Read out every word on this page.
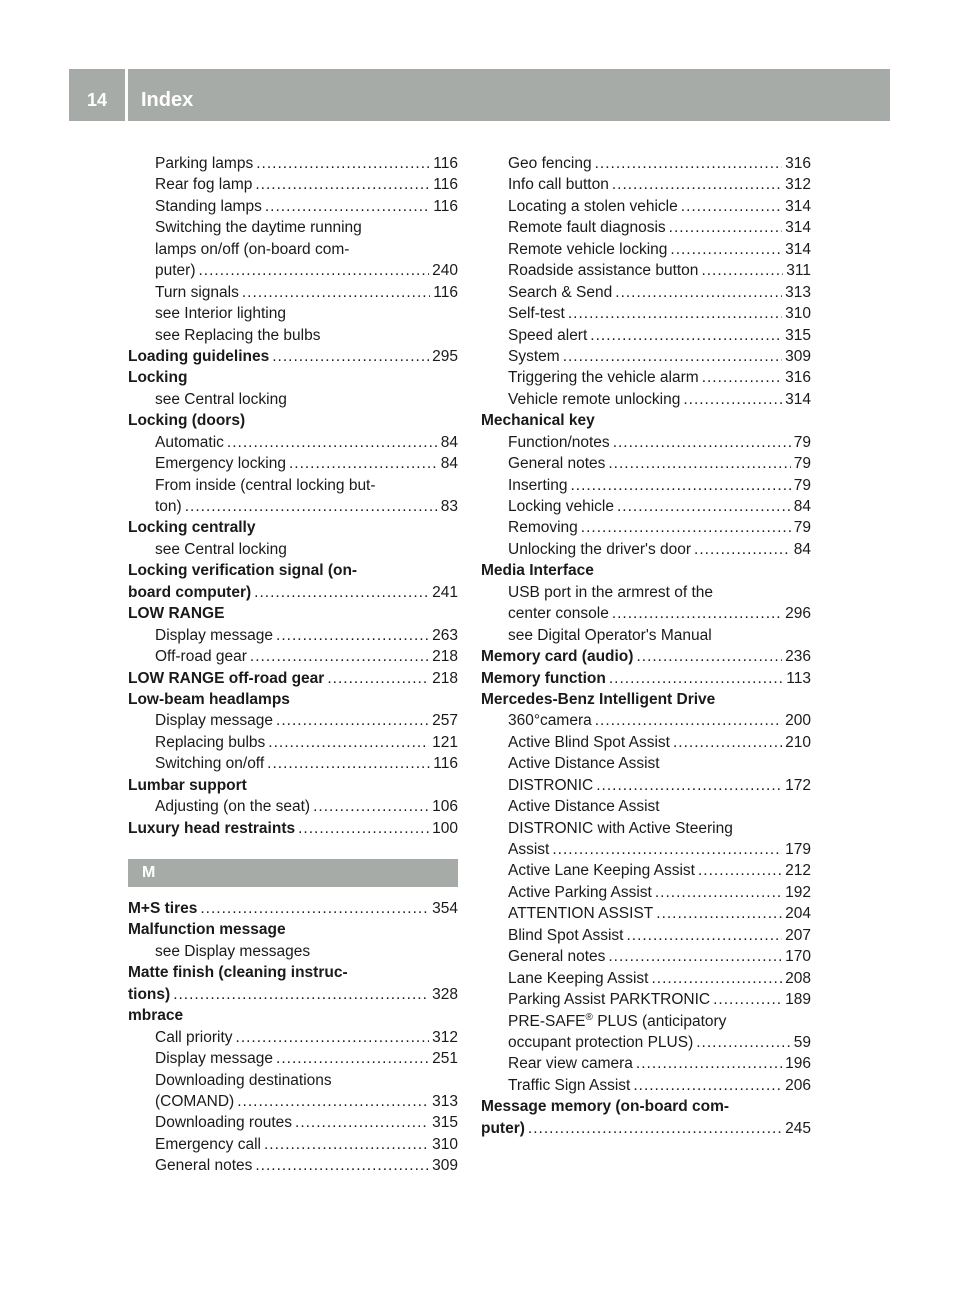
14	Index
Parking lamps .....	116
Rear fog lamp .....	116
Standing lamps .....	116
Switching the daytime running
lamps on/off (on-board com-
puter) .....	240
Turn signals .....	116
see Interior lighting
see Replacing the bulbs
Loading guidelines .....	295
Locking
see Central locking
Locking (doors)
Automatic .....	84
Emergency locking .....	84
From inside (central locking but-
ton) .....	83
Locking centrally
see Central locking
Locking verification signal (on-
board computer) .....	241
LOW RANGE
Display message .....	263
Off-road gear .....	218
LOW RANGE off-road gear .....	218
Low-beam headlamps
Display message .....	257
Replacing bulbs .....	121
Switching on/off .....	116
Lumbar support
Adjusting (on the seat) .....	106
Luxury head restraints .....	100
M
M+S tires .....	354
Malfunction message
see Display messages
Matte finish (cleaning instruc-
tions) .....	328
mbrace
Call priority .....	312
Display message .....	251
Downloading destinations
(COMAND) .....	313
Downloading routes .....	315
Emergency call .....	310
General notes .....	309
Geo fencing .....	316
Info call button .....	312
Locating a stolen vehicle .....	314
Remote fault diagnosis .....	314
Remote vehicle locking .....	314
Roadside assistance button .....	311
Search & Send .....	313
Self-test .....	310
Speed alert .....	315
System .....	309
Triggering the vehicle alarm .....	316
Vehicle remote unlocking .....	314
Mechanical key
Function/notes .....	79
General notes .....	79
Inserting .....	79
Locking vehicle .....	84
Removing .....	79
Unlocking the driver's door .....	84
Media Interface
USB port in the armrest of the
center console .....	296
see Digital Operator's Manual
Memory card (audio) .....	236
Memory function .....	113
Mercedes-Benz Intelligent Drive
360°camera .....	200
Active Blind Spot Assist .....	210
Active Distance Assist
DISTRONIC .....	172
Active Distance Assist
DISTRONIC with Active Steering
Assist .....	179
Active Lane Keeping Assist .....	212
Active Parking Assist .....	192
ATTENTION ASSIST .....	204
Blind Spot Assist .....	207
General notes .....	170
Lane Keeping Assist .....	208
Parking Assist PARKTRONIC .....	189
PRE-SAFE® PLUS (anticipatory
occupant protection PLUS) .....	59
Rear view camera .....	196
Traffic Sign Assist .....	206
Message memory (on-board com-
puter) .....	245
